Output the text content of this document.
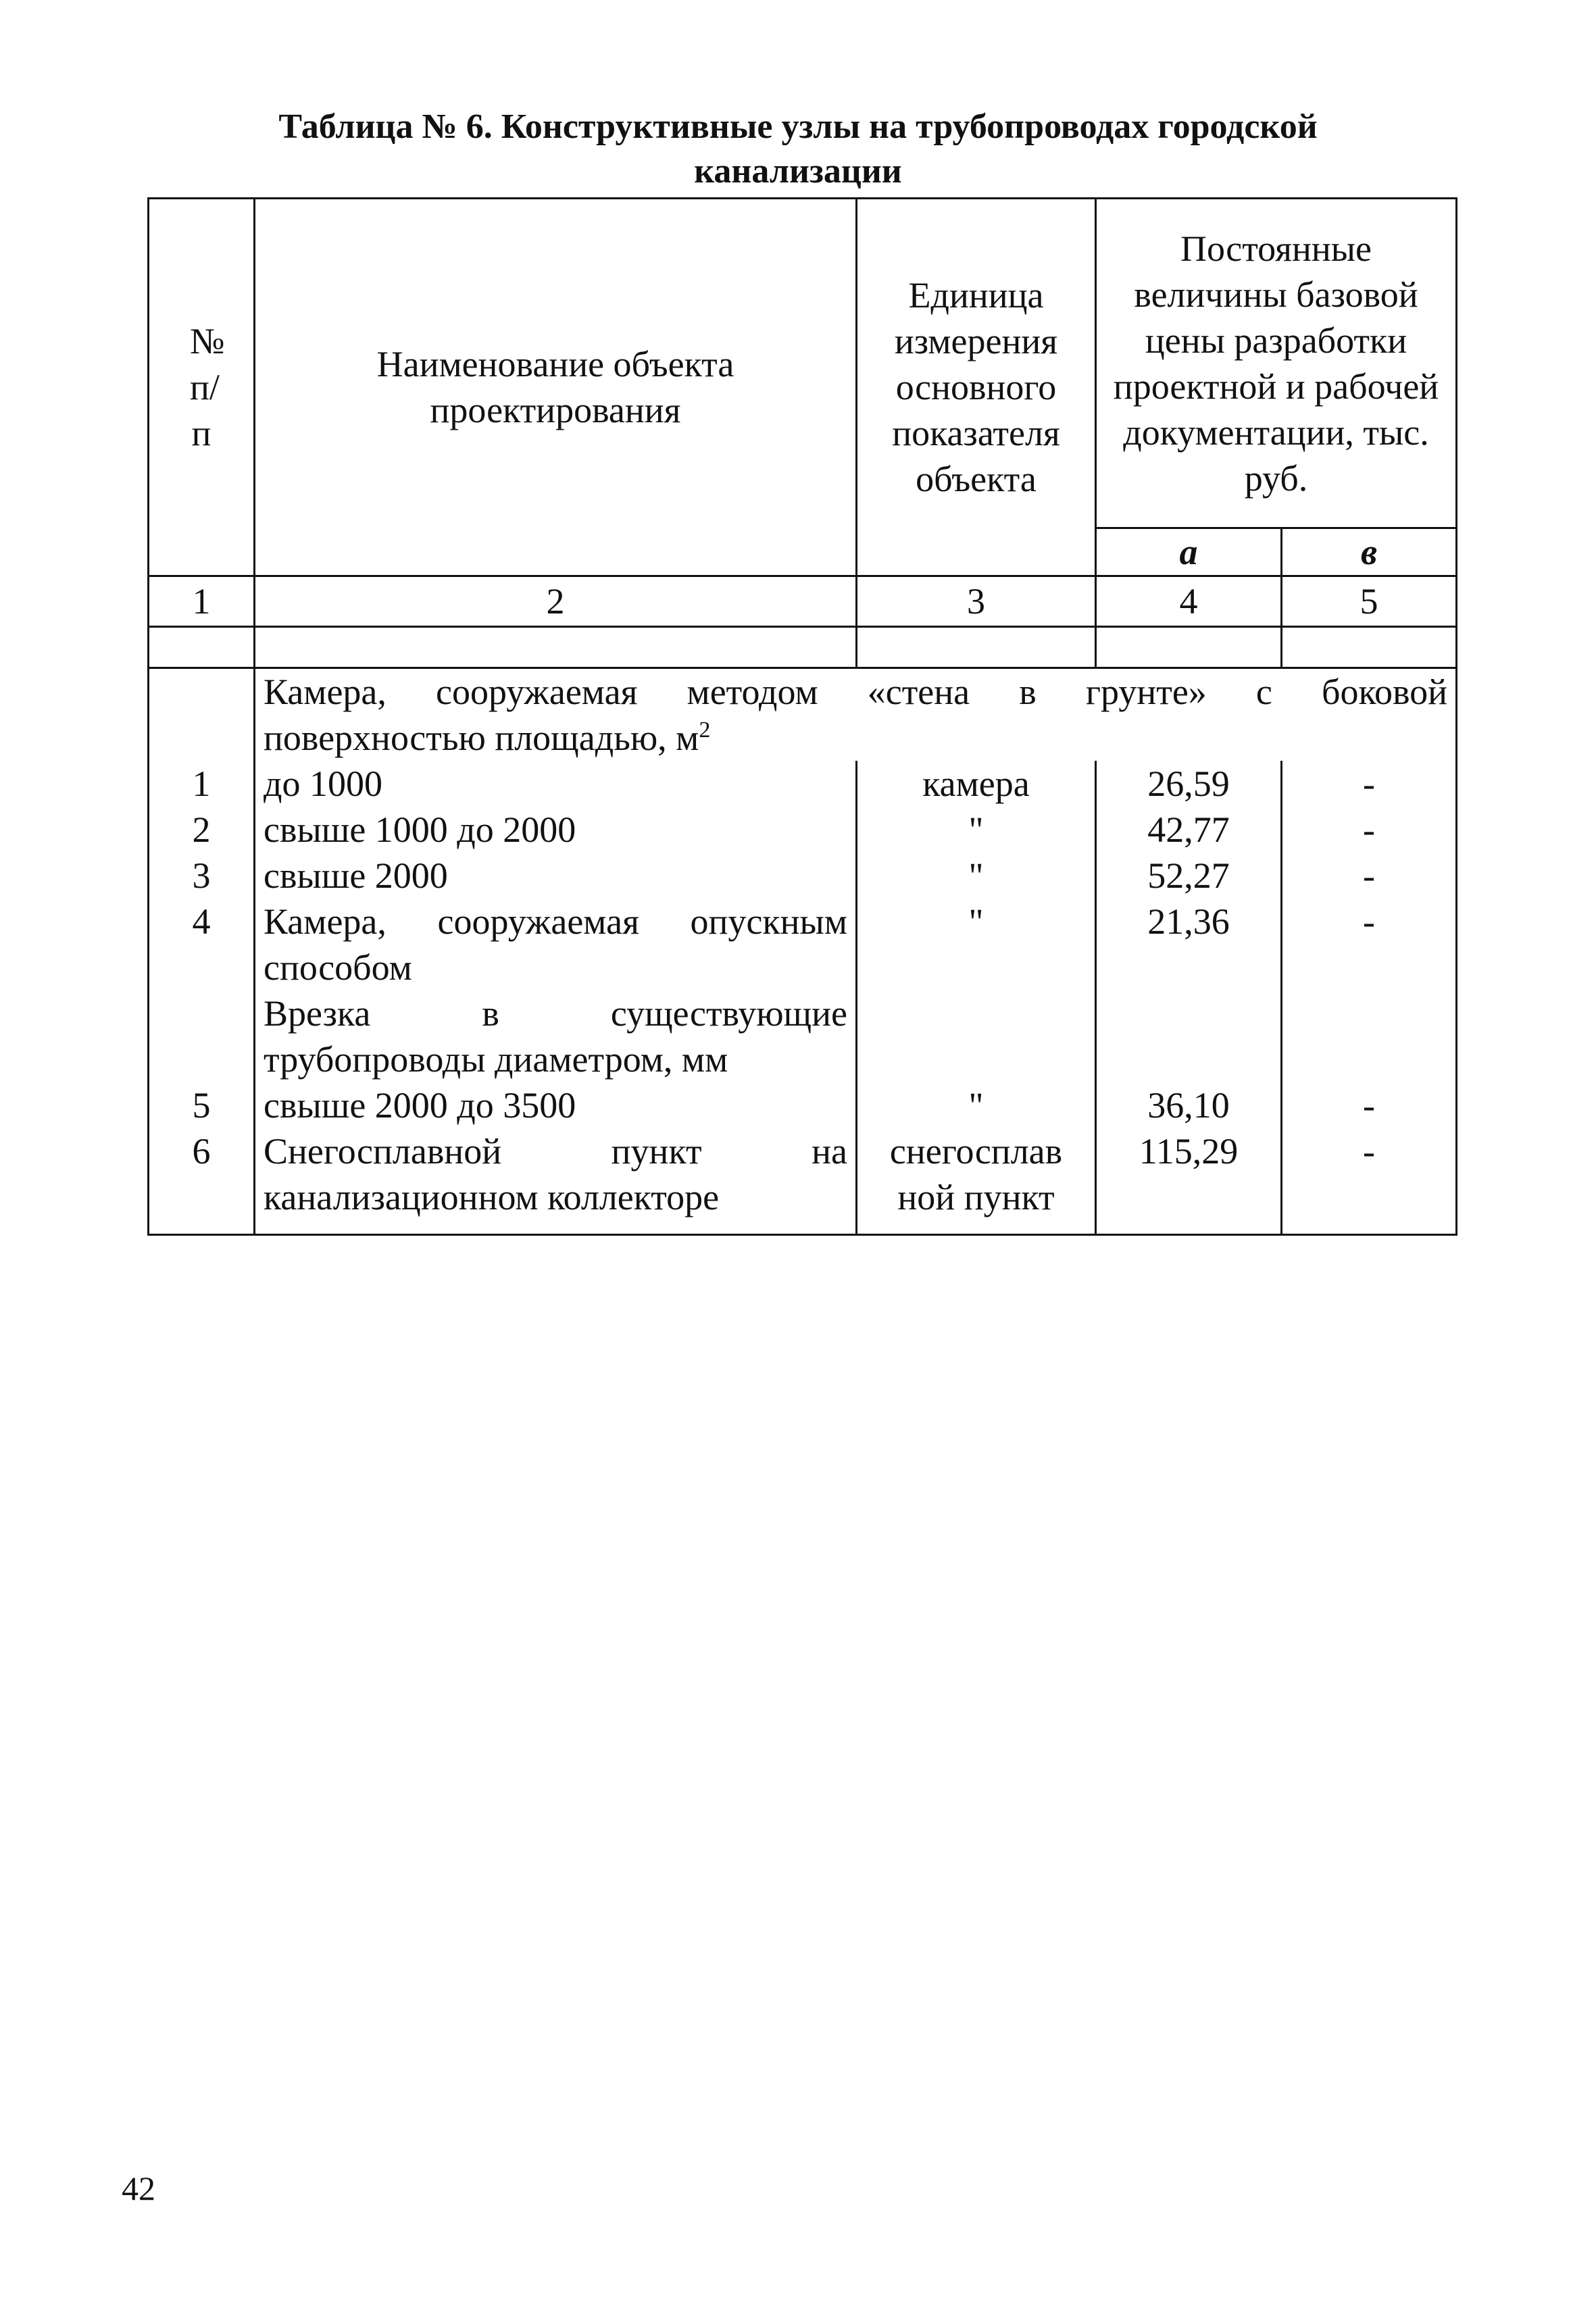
Таблица № 6. Конструктивные узлы на трубопроводах городской
канализации
№ п/п	Наименование объекта проектирования	Единица измерения основного показателя объекта	Постоянные величины базовой цены разработки проектной и рабочей документации, тыс. руб.	
			а	в
1	2	3	4	5

	Камера, сооружаемая методом «стена в грунте» с боковой
поверхностью площадью, $м^2$

1	до 1000	камера	26,59	-
2	свыше 1000 до 2000	"	42,77	-
3	свыше 2000	"	52,27	-
4	Камера, сооружаемая опускным способом	"	21,36	-
	Врезка в существующие трубопроводы диаметром, мм			
5	свыше 2000 до 3500	"	36,10	-
6	Снегосплавной пункт на канализационном коллекторе	снегосплав ной пункт	115,29	-

42
